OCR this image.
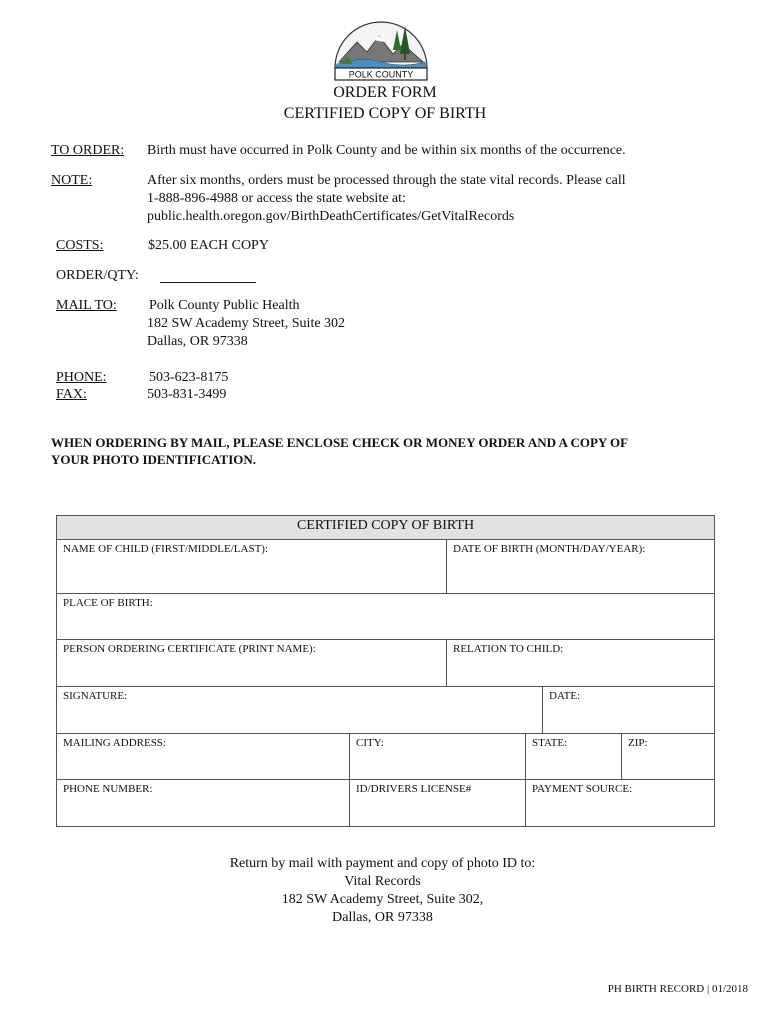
POLK COUNTY
ORDER FORM
CERTIFIED COPY OF BIRTH
TO ORDER: Birth must have occurred in Polk County and be within six months of the occurrence.
NOTE:	After six months, orders must be processed through the state vital records. Please call
1-888-896-4988 or access the state website at:
public.health.oregon.gov/BirthDeathCertificates/GetVitalRecords
COSTS:	$25.00 EACH COPY
ORDER/QTY:
MAIL TO: Polk County Public Health
182 SW Academy Street, Suite 302
Dallas, OR 97338
PHONE:	503-623-8175
FAX:	503-831-3499
WHEN ORDERING BY MAIL, PLEASE ENCLOSE CHECK OR MONEY ORDER AND A COPY OF
YOUR PHOTO IDENTIFICATION.
CERTIFIED COPY OF BIRTH					
NAME OF CHILD (FIRST/MIDDLE/LAST):		DATE OF BIRTH (MONTH/DAY/YEAR):			
PLACE OF BIRTH:					
PERSON ORDERING CERTIFICATE (PRINT NAME):		RELATION TO CHILD:			
SIGNATURE:				DATE:	
MAILING ADDRESS:	CITY:		STATE:		ZIP:
PHONE NUMBER:	ID/DRIVERS LICENSE#		PAYMENT SOURCE:		
Return by mail with payment and copy of photo ID to:
Vital Records
182 SW Academy Street, Suite 302,
Dallas, OR 97338
PH BIRTH RECORD | 01/2018
